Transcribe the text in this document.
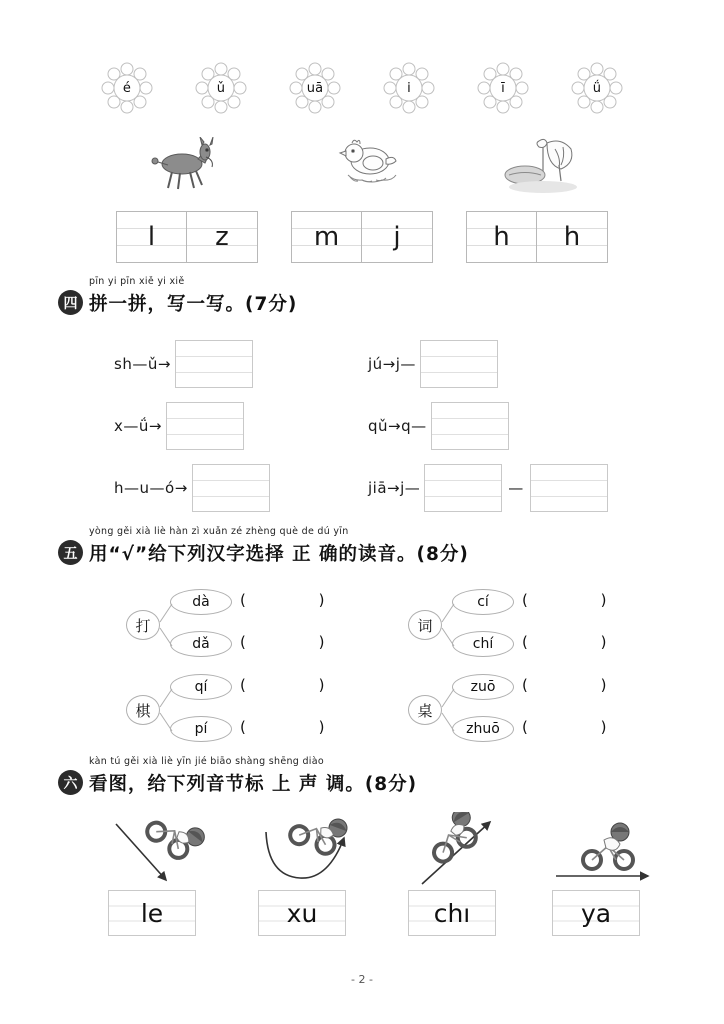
é	ǔ	uā	i	ī	ǘ
l	z	m	j	h	h
四
pīn yi pīn xiě yi xiě
拼一拼，写一写。(7分)
sh—ǔ→	jú→j—
x—ǘ→	qǔ→q—
h—u—ó→	jiā→j—	—
五
yòng gěi xià liè hàn zì xuǎn zé zhèng què de dú yīn
用“√”给下列汉字选择 正 确的读音。(8分)
打
dà	( )
dǎ	( )
词
cí	( )
chí	( )
棋
qí	( )
pí	( )
桌
zuō	( )
zhuō	( )
六
kàn tú gěi xià liè yīn jié biāo shàng shēng diào
看图，给下列音节标 上 声 调。(8分)
le	xu	chı	ya
- 2 -
